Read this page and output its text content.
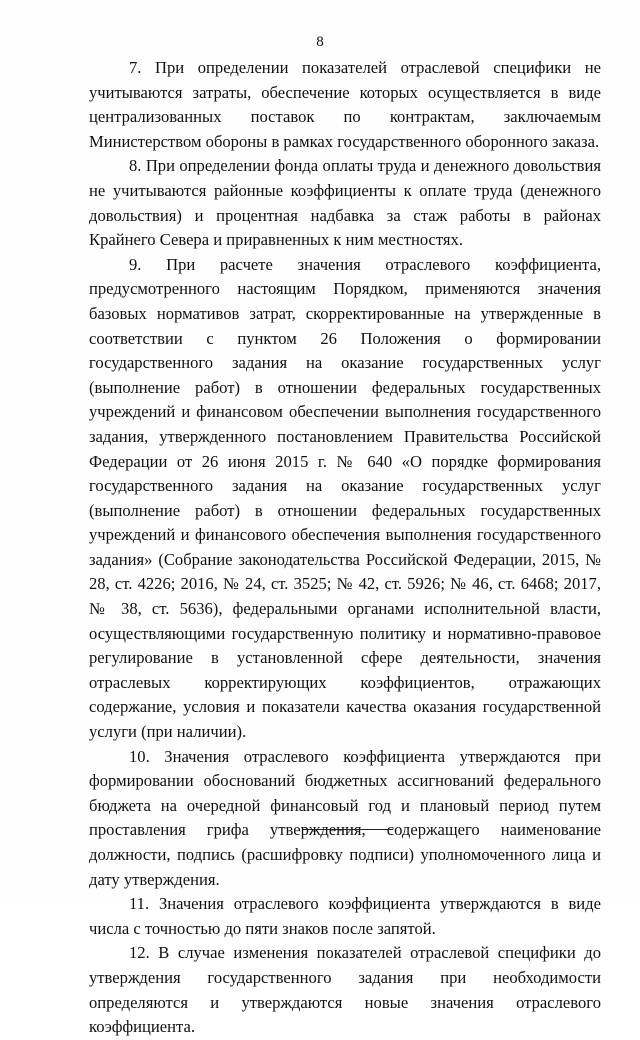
8

7. При определении показателей отраслевой специфики не учитываются затраты, обеспечение которых осуществляется в виде централизованных поставок по контрактам, заключаемым Министерством обороны в рамках государственного оборонного заказа.

8. При определении фонда оплаты труда и денежного довольствия не учитываются районные коэффициенты к оплате труда (денежного довольствия) и процентная надбавка за стаж работы в районах Крайнего Севера и приравненных к ним местностях.

9. При расчете значения отраслевого коэффициента, предусмотренного настоящим Порядком, применяются значения базовых нормативов затрат, скорректированные на утвержденные в соответствии с пунктом 26 Положения о формировании государственного задания на оказание государственных услуг (выполнение работ) в отношении федеральных государственных учреждений и финансовом обеспечении выполнения государственного задания, утвержденного постановлением Правительства Российской Федерации от 26 июня 2015 г. № 640 «О порядке формирования государственного задания на оказание государственных услуг (выполнение работ) в отношении федеральных государственных учреждений и финансового обеспечения выполнения государственного задания» (Собрание законодательства Российской Федерации, 2015, № 28, ст. 4226; 2016, № 24, ст. 3525; № 42, ст. 5926; № 46, ст. 6468; 2017, № 38, ст. 5636), федеральными органами исполнительной власти, осуществляющими государственную политику и нормативно-правовое регулирование в установленной сфере деятельности, значения отраслевых корректирующих коэффициентов, отражающих содержание, условия и показатели качества оказания государственной услуги (при наличии).

10. Значения отраслевого коэффициента утверждаются при формировании обоснований бюджетных ассигнований федерального бюджета на очередной финансовый год и плановый период путем проставления грифа утверждения, содержащего наименование должности, подпись (расшифровку подписи) уполномоченного лица и дату утверждения.

11. Значения отраслевого коэффициента утверждаются в виде числа с точностью до пяти знаков после запятой.

12. В случае изменения показателей отраслевой специфики до утверждения государственного задания при необходимости определяются и утверждаются новые значения отраслевого коэффициента.
